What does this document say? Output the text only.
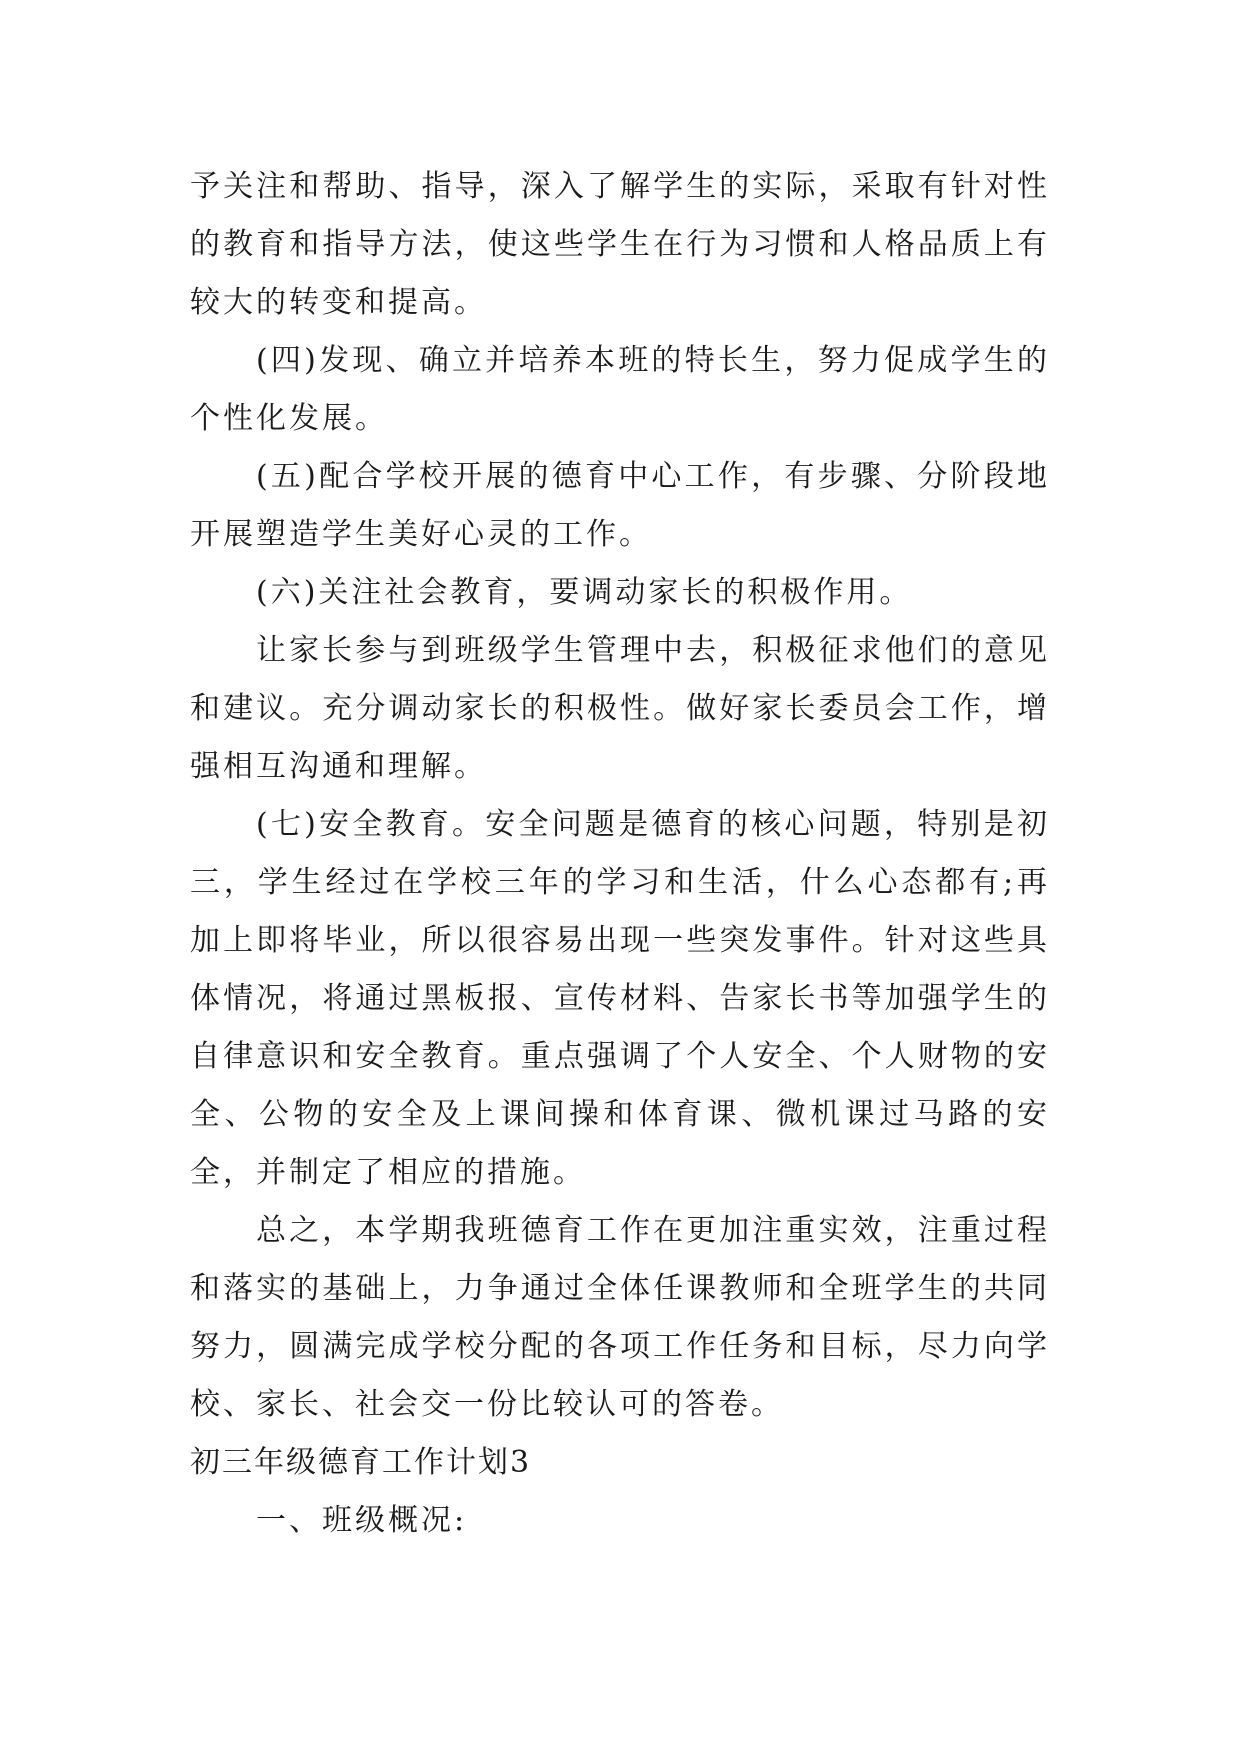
予关注和帮助、指导，深入了解学生的实际，采取有针对性的教育和指导方法，使这些学生在行为习惯和人格品质上有较大的转变和提高。

(四)发现、确立并培养本班的特长生，努力促成学生的个性化发展。

(五)配合学校开展的德育中心工作，有步骤、分阶段地开展塑造学生美好心灵的工作。

(六)关注社会教育，要调动家长的积极作用。

让家长参与到班级学生管理中去，积极征求他们的意见和建议。充分调动家长的积极性。做好家长委员会工作，增强相互沟通和理解。

(七)安全教育。安全问题是德育的核心问题，特别是初三，学生经过在学校三年的学习和生活，什么心态都有;再加上即将毕业，所以很容易出现一些突发事件。针对这些具体情况，将通过黑板报、宣传材料、告家长书等加强学生的自律意识和安全教育。重点强调了个人安全、个人财物的安全、公物的安全及上课间操和体育课、微机课过马路的安全，并制定了相应的措施。

总之，本学期我班德育工作在更加注重实效，注重过程和落实的基础上，力争通过全体任课教师和全班学生的共同努力，圆满完成学校分配的各项工作任务和目标，尽力向学校、家长、社会交一份比较认可的答卷。

初三年级德育工作计划3

一、班级概况:
